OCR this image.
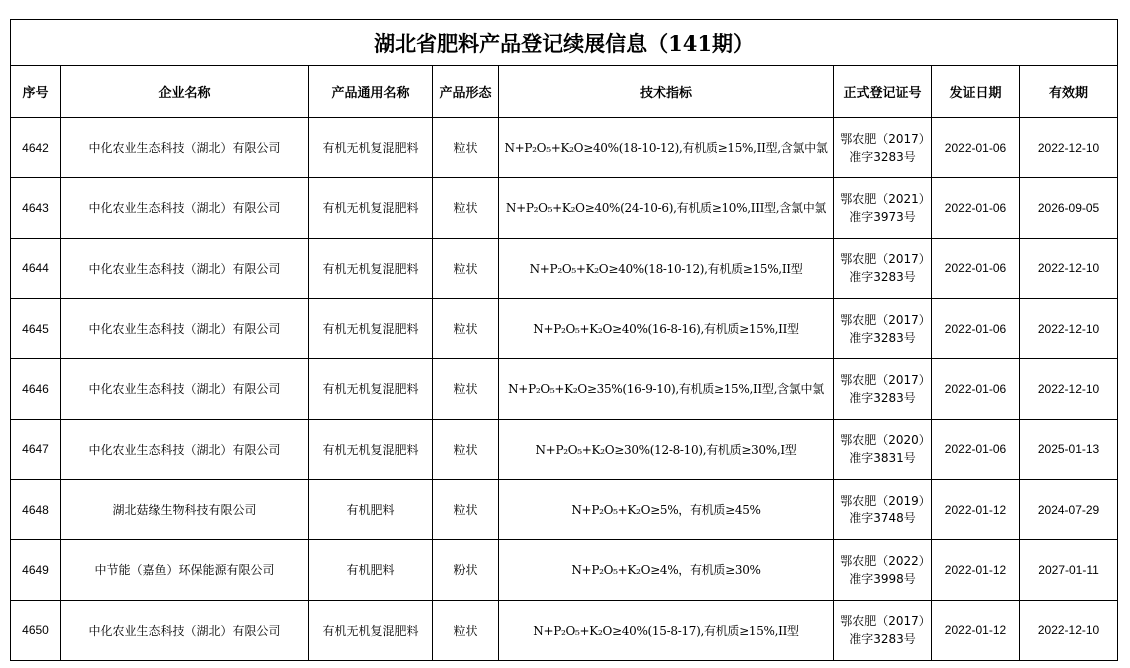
湖北省肥料产品登记续展信息（141期）							
序号	企业名称	产品通用名称	产品形态	技术指标	正式登记证号	发证日期	有效期
4642	中化农业生态科技（湖北）有限公司	有机无机复混肥料	粒状	N+P₂O₅+K₂O≥40%(18-10-12),有机质≥15%,II型,含氯中氯	鄂农肥（2017）准字3283号	2022-01-06	2022-12-10
4643	中化农业生态科技（湖北）有限公司	有机无机复混肥料	粒状	N+P₂O₅+K₂O≥40%(24-10-6),有机质≥10%,III型,含氯中氯	鄂农肥（2021）准字3973号	2022-01-06	2026-09-05
4644	中化农业生态科技（湖北）有限公司	有机无机复混肥料	粒状	N+P₂O₅+K₂O≥40%(18-10-12),有机质≥15%,II型	鄂农肥（2017）准字3283号	2022-01-06	2022-12-10
4645	中化农业生态科技（湖北）有限公司	有机无机复混肥料	粒状	N+P₂O₅+K₂O≥40%(16-8-16),有机质≥15%,II型	鄂农肥（2017）准字3283号	2022-01-06	2022-12-10
4646	中化农业生态科技（湖北）有限公司	有机无机复混肥料	粒状	N+P₂O₅+K₂O≥35%(16-9-10),有机质≥15%,II型,含氯中氯	鄂农肥（2017）准字3283号	2022-01-06	2022-12-10
4647	中化农业生态科技（湖北）有限公司	有机无机复混肥料	粒状	N+P₂O₅+K₂O≥30%(12-8-10),有机质≥30%,I型	鄂农肥（2020）准字3831号	2022-01-06	2025-01-13
4648	湖北菇缘生物科技有限公司	有机肥料	粒状	N+P₂O₅+K₂O≥5%，有机质≥45%	鄂农肥（2019）准字3748号	2022-01-12	2024-07-29
4649	中节能（嘉鱼）环保能源有限公司	有机肥料	粉状	N+P₂O₅+K₂O≥4%，有机质≥30%	鄂农肥（2022）准字3998号	2022-01-12	2027-01-11
4650	中化农业生态科技（湖北）有限公司	有机无机复混肥料	粒状	N+P₂O₅+K₂O≥40%(15-8-17),有机质≥15%,II型	鄂农肥（2017）准字3283号	2022-01-12	2022-12-10
